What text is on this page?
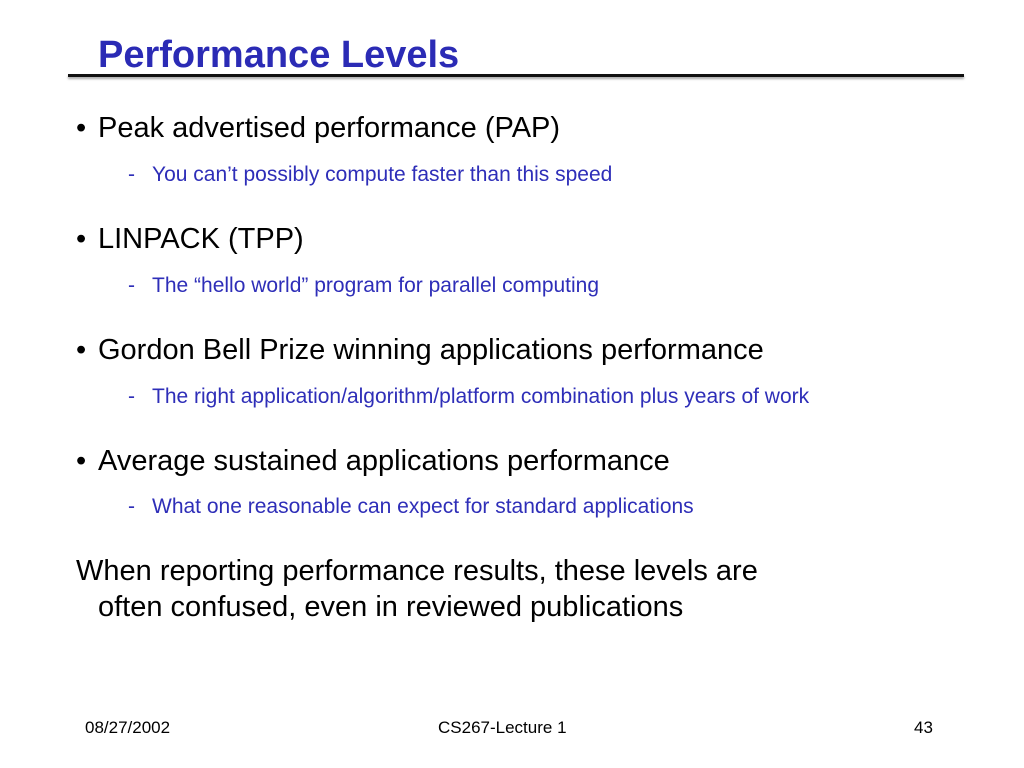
Performance Levels
• Peak advertised performance (PAP)
- You can’t possibly compute faster than this speed
• LINPACK (TPP)
- The “hello world” program for parallel computing
• Gordon Bell Prize winning applications performance
- The right application/algorithm/platform combination plus years of work
• Average sustained applications performance
- What one reasonable can expect for standard applications
When reporting performance results, these levels are
often confused, even in reviewed publications
08/27/2002	CS267-Lecture 1	43
